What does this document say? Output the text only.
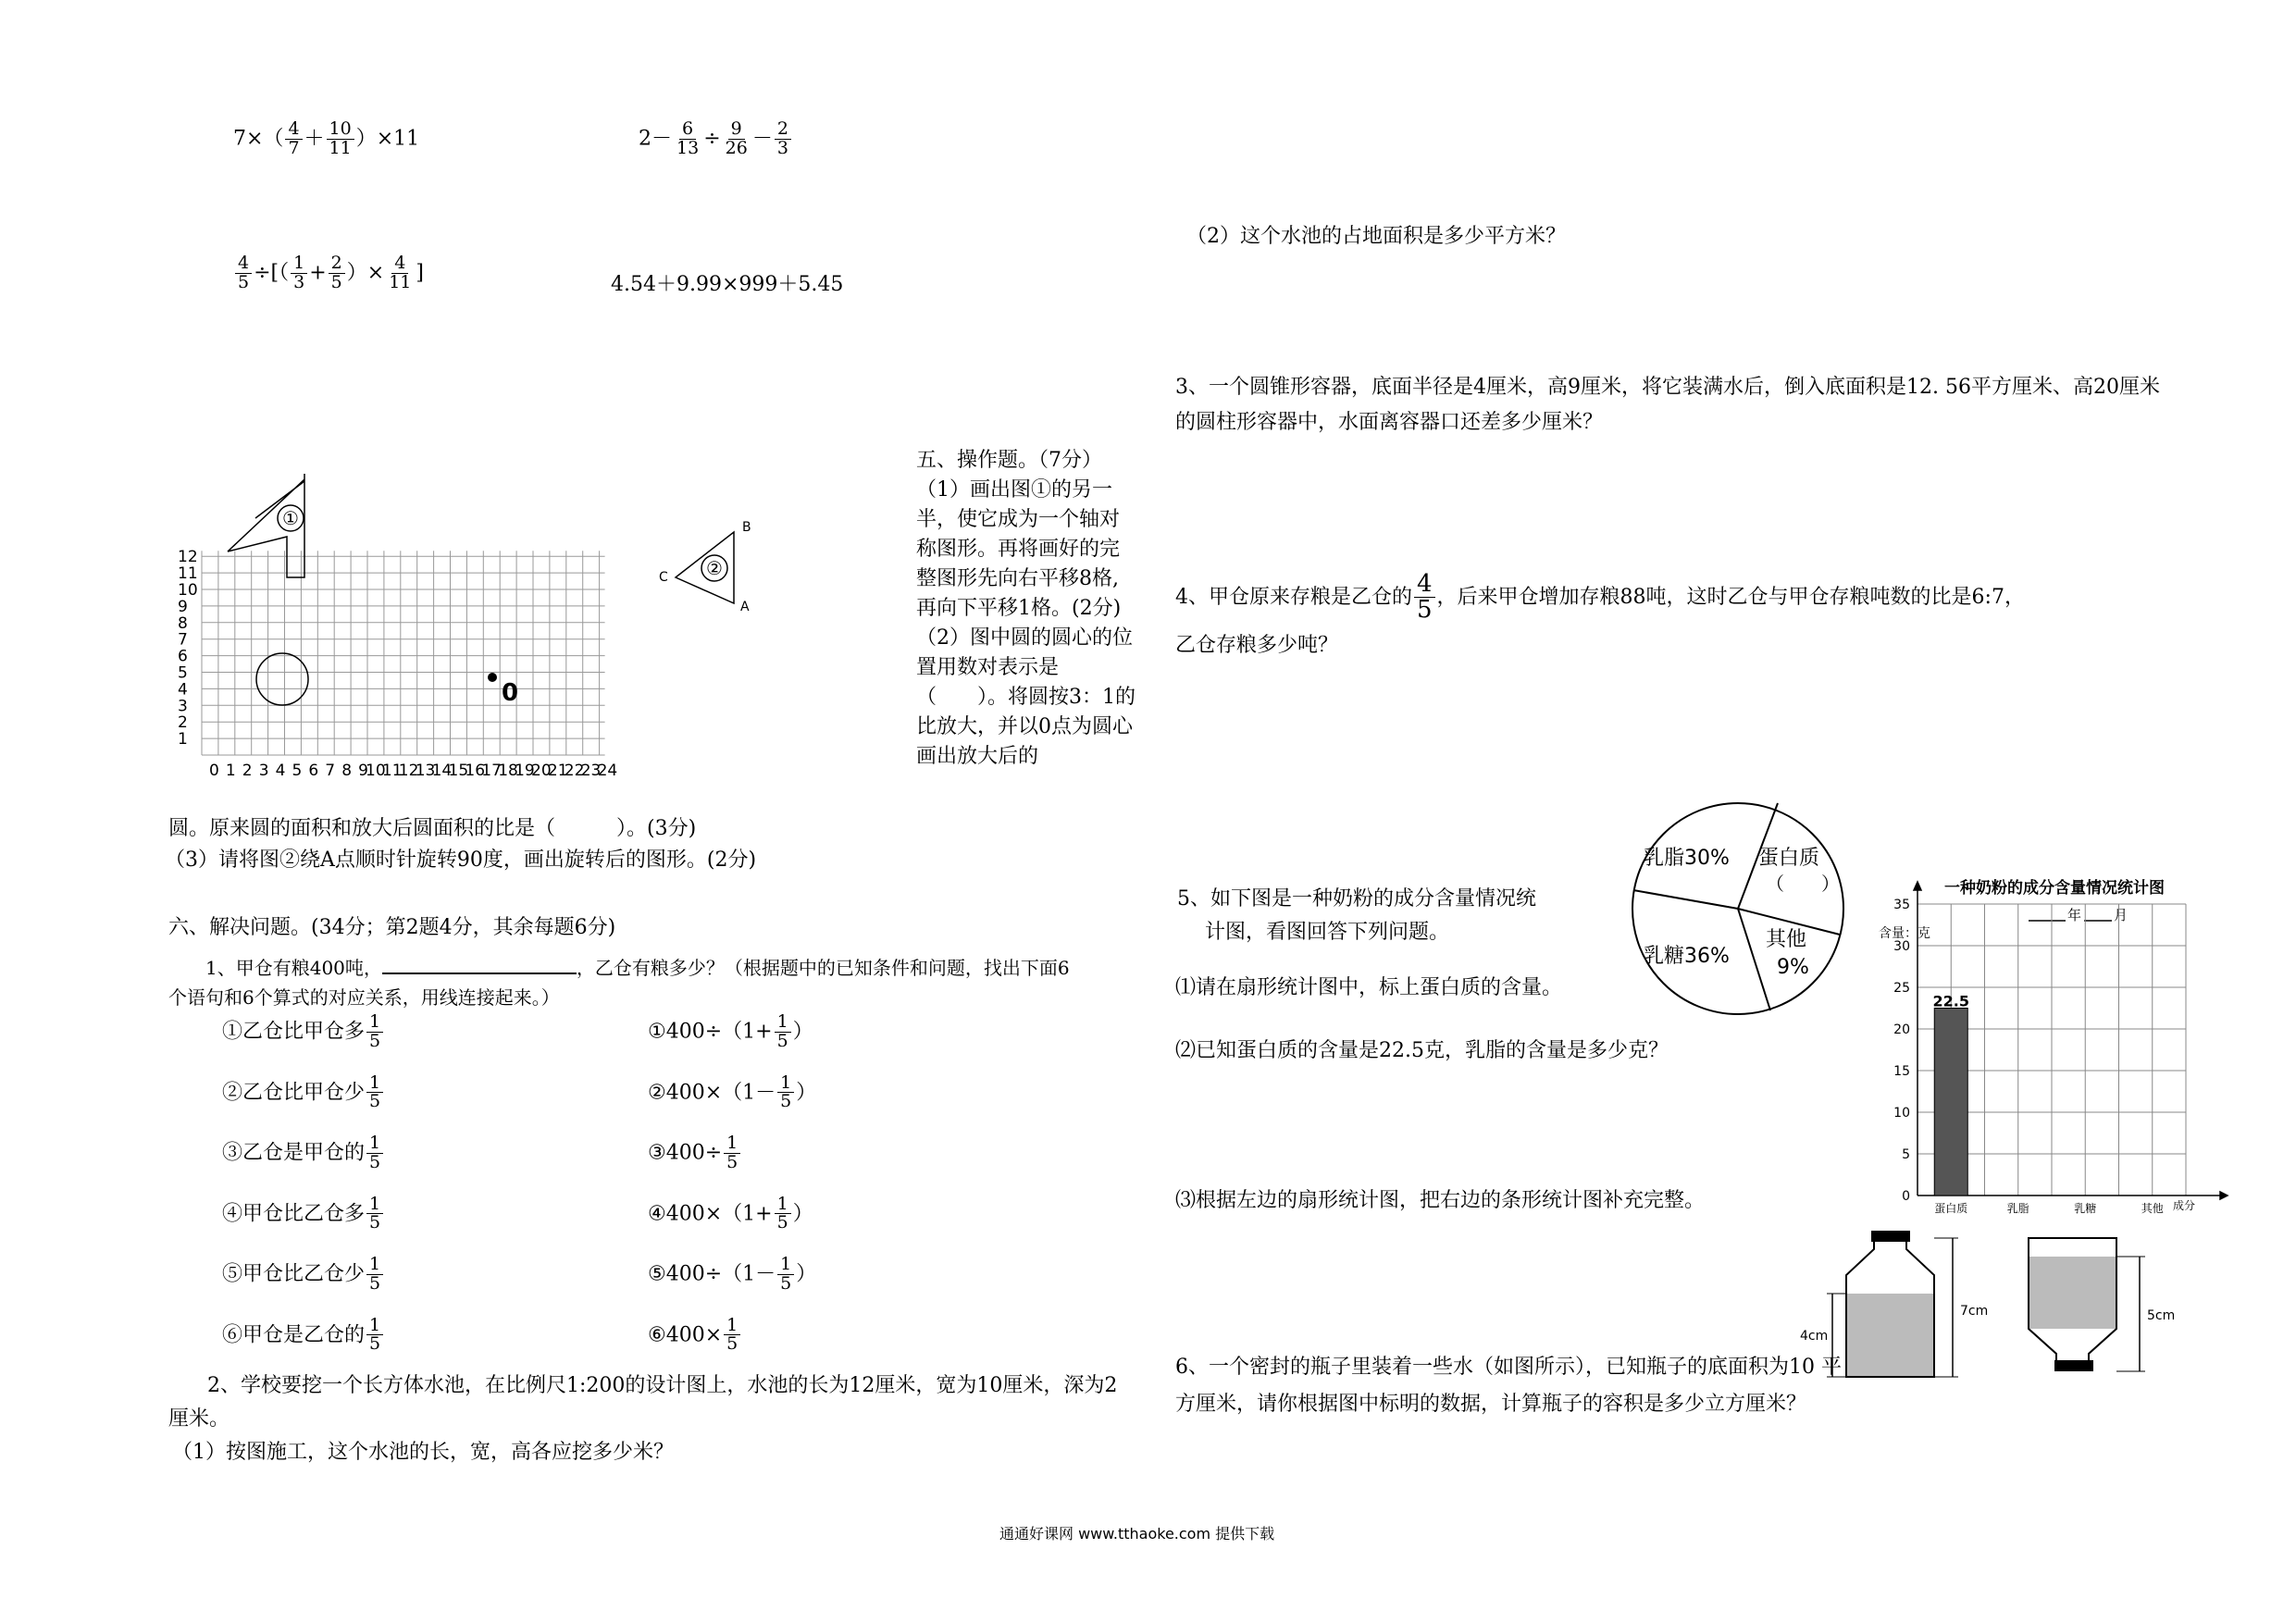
$7\times( \frac{4}{7} + \frac{10}{11} )\times 11$	$2- \frac{6}{13} \div \frac{9}{26} - \frac{2}{3}$
$\frac{4}{5}$ ÷[（ $\frac{1}{3} + \frac{2}{5}$ ）× $\frac{4}{11}$ ]
4.54＋9.99×999＋5.45
12
11
10
9
8
7
6
5
4
3
2
1
0 1 2 3 4 5 6 7 8 9
10
11
12
13
14
15
16
17
18
19
20
21
22
23
24
①
②
B
C
A
0
五、操作题。（7分）
（1）画出图①的另一半，使它成为一个轴对称图形。再将画好的完整图形先向右平移8格,再向下平移1格。(2分)
（2）图中圆的圆心的位置用数对表示是（　　）。将圆按3：1的比放大，并以0点为圆心画出放大后的
圆。原来圆的面积和放大后圆面积的比是（　　　）。(3分)
（3）请将图②绕A点顺时针旋转90度，画出旋转后的图形。(2分)
六、解决问题。(34分；第2题4分，其余每题6分)
1、甲仓有粮400吨，	，乙仓有粮多少？（根据题中的已知条件和问题，找出下面6
个语句和6个算式的对应关系，用线连接起来。）
①乙仓比甲仓多 $\frac{1}{5}$
②乙仓比甲仓少 $\frac{1}{5}$
③乙仓是甲仓的 $\frac{1}{5}$
④甲仓比乙仓多 $\frac{1}{5}$
⑤甲仓比乙仓少 $\frac{1}{5}$
⑥甲仓是乙仓的 $\frac{1}{5}$
①400÷（1+ $\frac{1}{5}$ ）
②400×（1－ $\frac{1}{5}$ ）
③400÷ $\frac{1}{5}$
④400×（1+ $\frac{1}{5}$ ）
⑤400÷（1－ $\frac{1}{5}$ ）
⑥400× $\frac{1}{5}$
2、学校要挖一个长方体水池，在比例尺1:200的设计图上，水池的长为12厘米，宽为10厘米，深为2厘米。
（1）按图施工，这个水池的长，宽，高各应挖多少米？
（2）这个水池的占地面积是多少平方米？
3、一个圆锥形容器，底面半径是4厘米，高9厘米，将它装满水后，倒入底面积是12. 56平方厘米、高20厘米的圆柱形容器中，水面离容器口还差多少厘米？
4、甲仓原来存粮是乙仓的 $\frac{4}{5}$ ，后来甲仓增加存粮88吨，这时乙仓与甲仓存粮吨数的比是6:7，
乙仓存粮多少吨？
5、如下图是一种奶粉的成分含量情况统
计图，看图回答下列问题。
⑴请在扇形统计图中，标上蛋白质的含量。
⑵已知蛋白质的含量是22.5克，乳脂的含量是多少克？
⑶根据左边的扇形统计图，把右边的条形统计图补充完整。
6、一个密封的瓶子里装着一些水（如图所示），已知瓶子的底面积为10 平方厘米，请你根据图中标明的数据，计算瓶子的容积是多少立方厘米？
乳脂30% 蛋白质
（　　）
乳糖36%
其他
9%
一种奶粉的成分含量情况统计图
年 月
含量：克
0
5
10
15
20
25
30
35
蛋白质	乳脂	乳糖	其他
22.5
成分
4cm
7cm	5cm
通通好课网 www.tthaoke.com 提供下载
